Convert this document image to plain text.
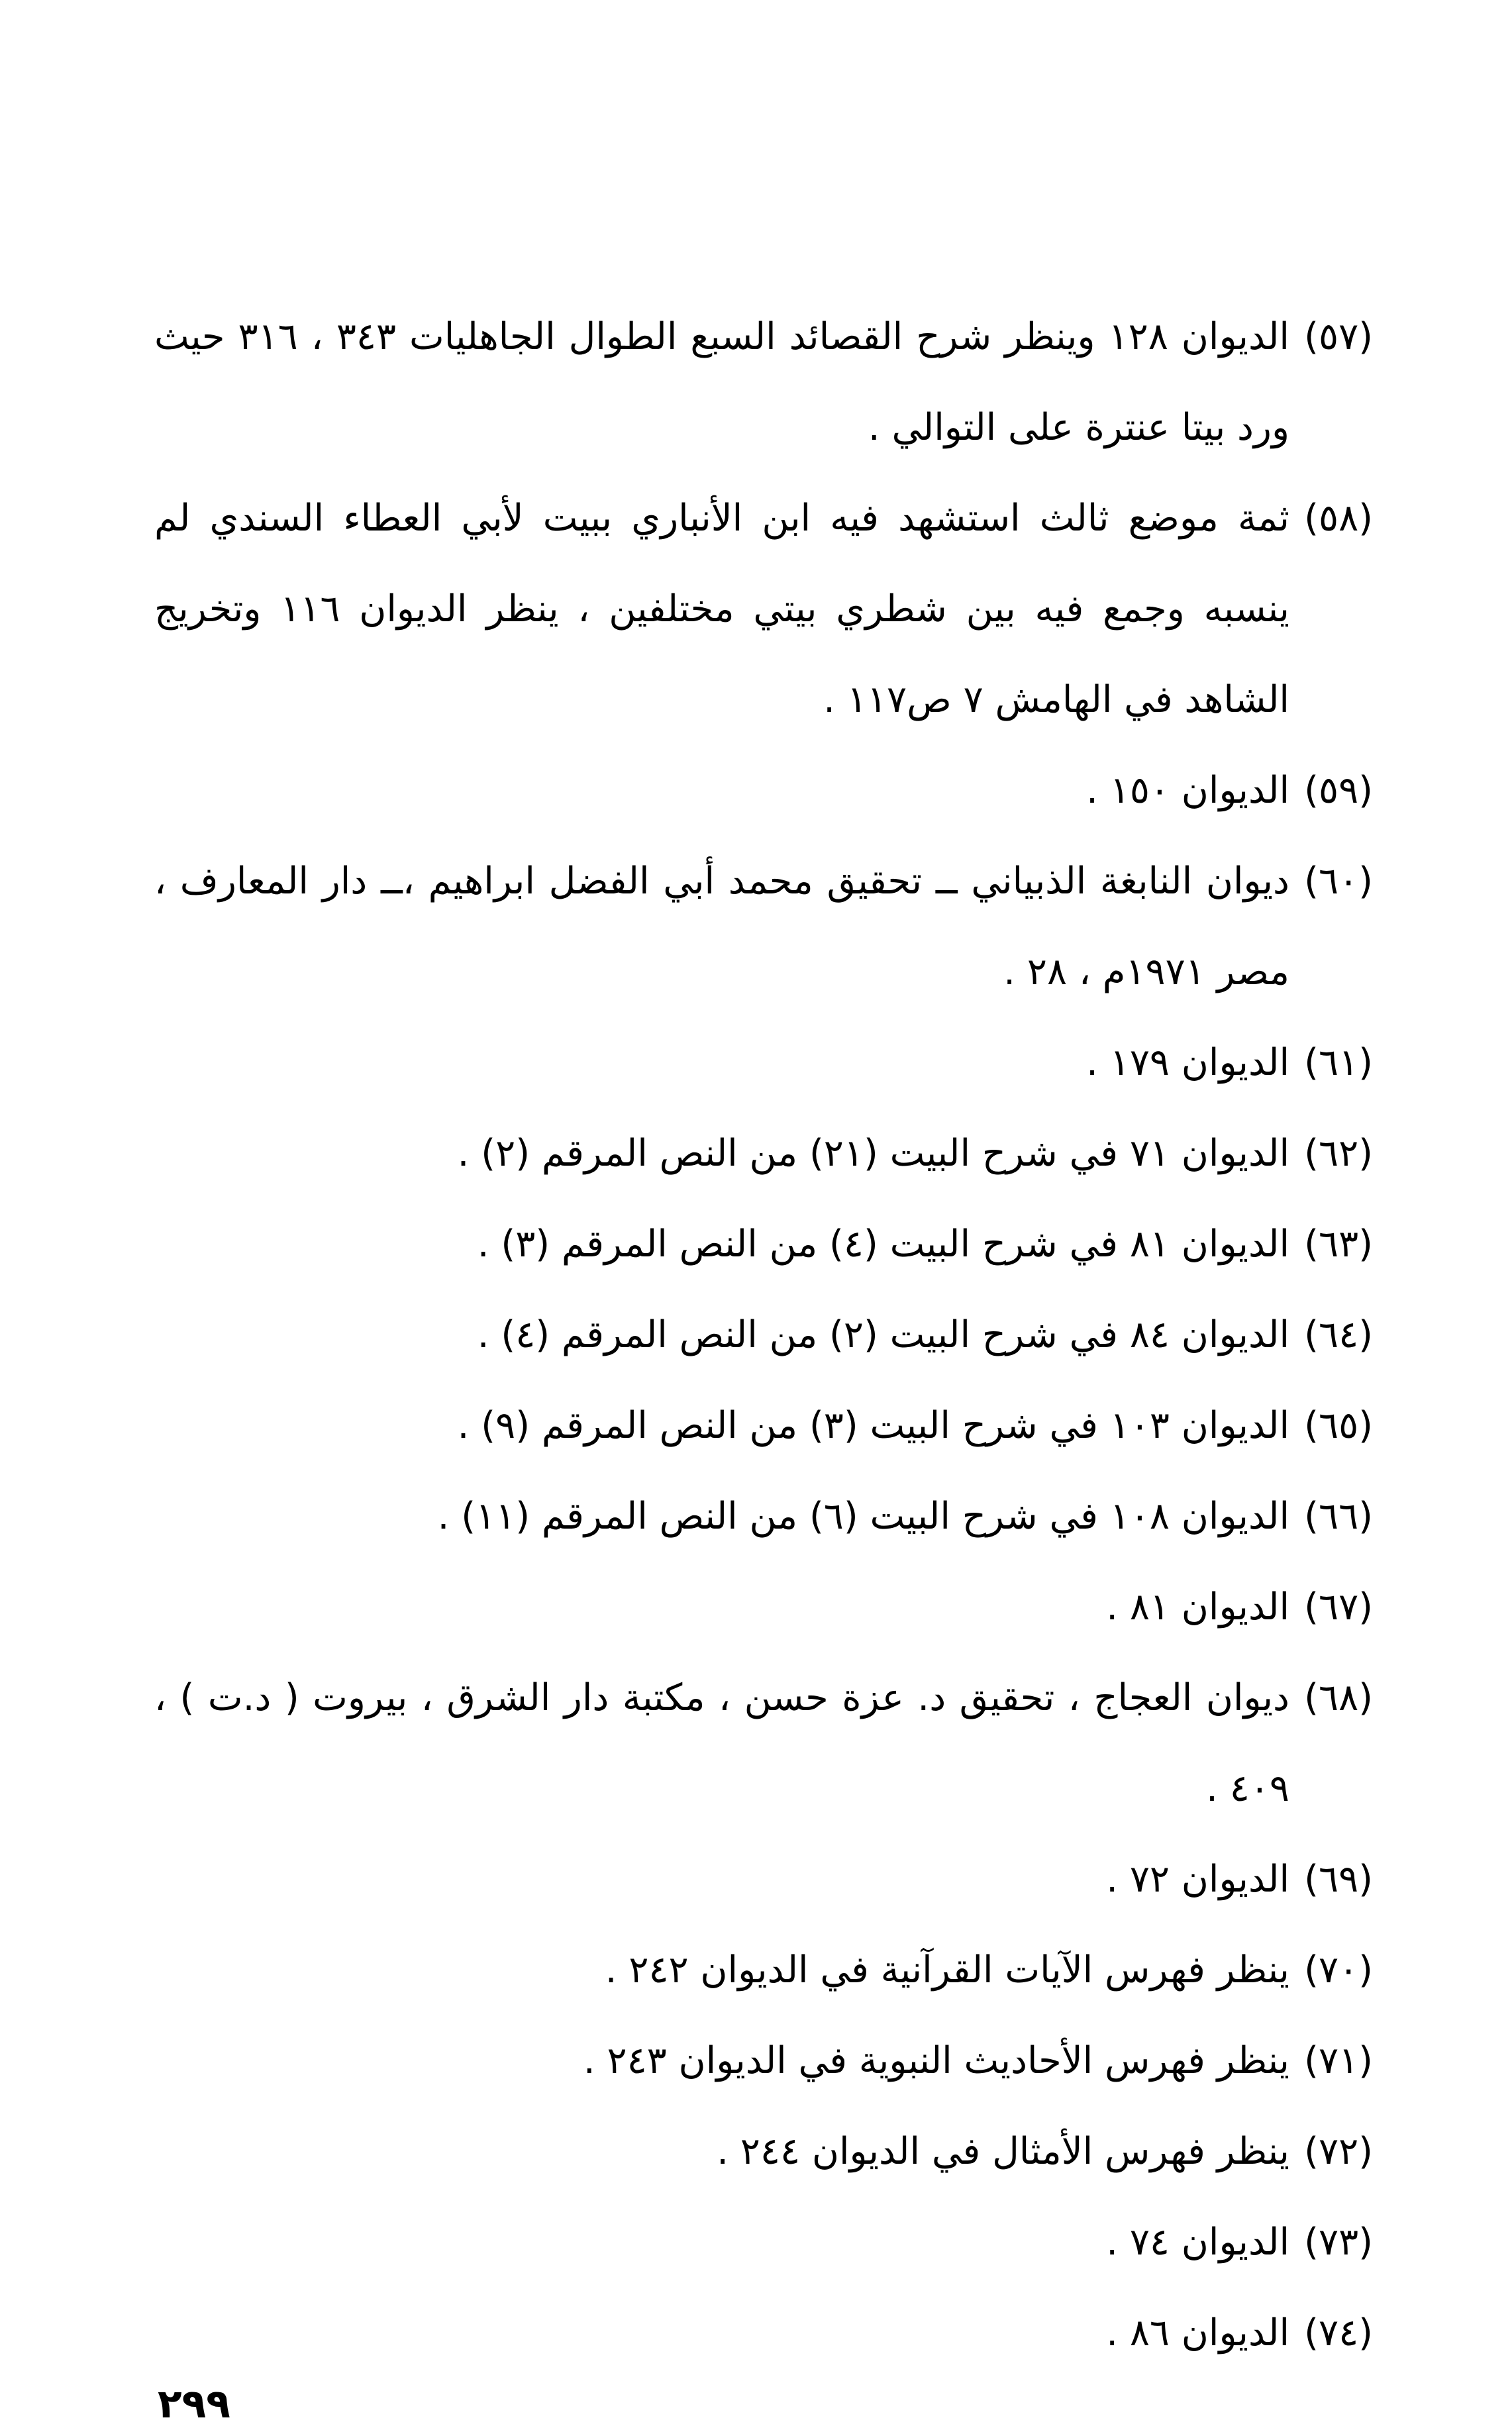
(٥٧)الديوان ١٢٨ وينظر شرح القصائد السبع الطوال الجاهليات ٣٤٣ ، ٣١٦ حيث ورد بيتا عنترة على التوالي .

(٥٨)ثمة موضع ثالث استشهد فيه ابن الأنباري ببيت لأبي العطاء السندي لم ينسبه وجمع فيه بين شطري بيتي مختلفين ، ينظر الديوان ١١٦ وتخريج الشاهد في الهامش ٧ ص١١٧ .

(٥٩)الديوان ١٥٠ .

(٦٠)ديوان النابغة الذبياني ــ تحقيق محمد أبي الفضل ابراهيم ،ــ دار المعارف ، مصر ١٩٧١م ، ٢٨ .

(٦١)الديوان ١٧٩ .

(٦٢)الديوان ٧١ في شرح البيت (٢١) من النص المرقم (٢) .

(٦٣)الديوان ٨١ في شرح البيت (٤) من النص المرقم (٣) .

(٦٤)الديوان ٨٤ في شرح البيت (٢) من النص المرقم (٤) .

(٦٥)الديوان ١٠٣ في شرح البيت (٣) من النص المرقم (٩) .

(٦٦)الديوان ١٠٨ في شرح البيت (٦) من النص المرقم (١١) .

(٦٧)الديوان ٨١ .

(٦٨)ديوان العجاج ، تحقيق د. عزة حسن ، مكتبة دار الشرق ، بيروت ( د.ت ) ، ٤٠٩ .

(٦٩)الديوان ٧٢ .

(٧٠)ينظر فهرس الآيات القرآنية في الديوان ٢٤٢ .

(٧١)ينظر فهرس الأحاديث النبوية في الديوان ٢٤٣ .

(٧٢)ينظر فهرس الأمثال في الديوان ٢٤٤ .

(٧٣)الديوان ٧٤ .

(٧٤)الديوان ٨٦ .

٢٩٩
